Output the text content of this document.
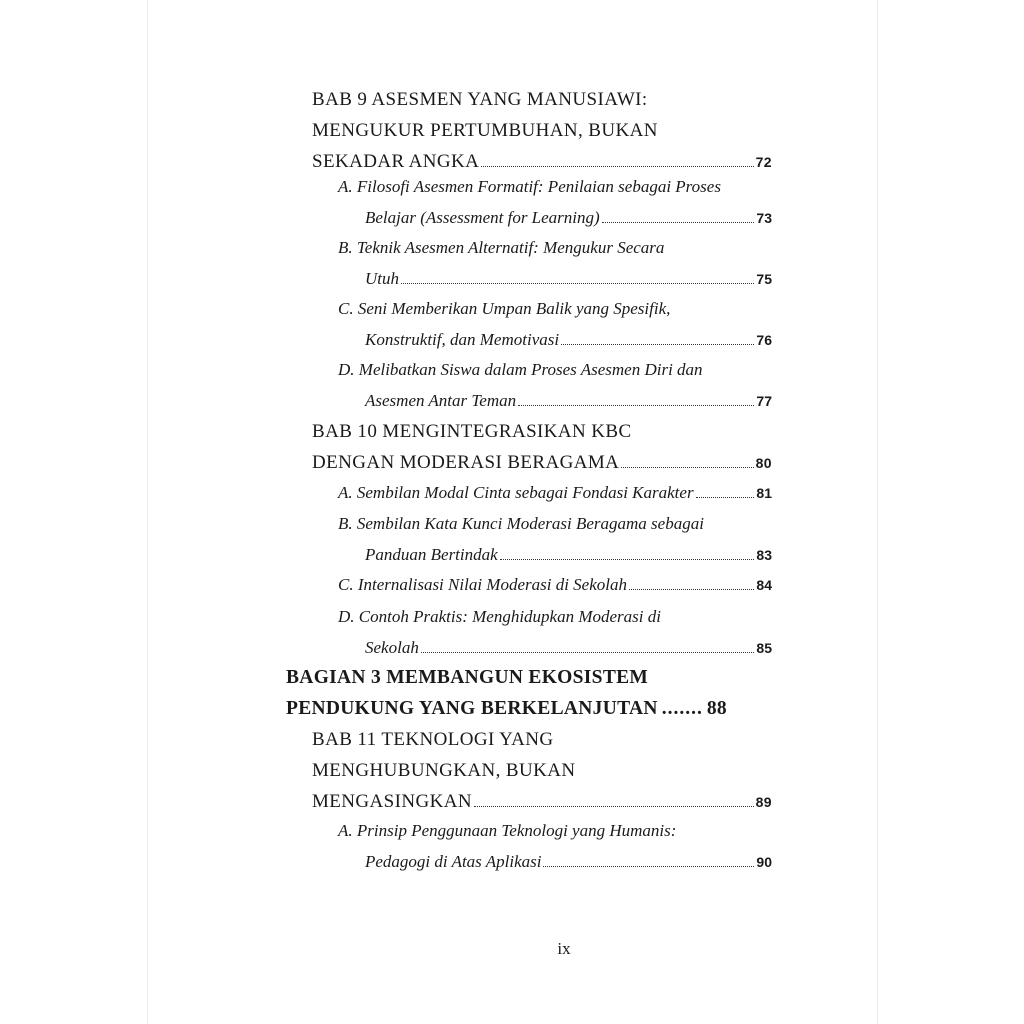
BAB 9 ASESMEN YANG MANUSIAWI:
MENGUKUR PERTUMBUHAN, BUKAN
SEKADAR ANGKA	72
A. Filosofi Asesmen Formatif: Penilaian sebagai Proses
Belajar (Assessment for Learning)	73
B. Teknik Asesmen Alternatif: Mengukur Secara
Utuh	75
C. Seni Memberikan Umpan Balik yang Spesifik,
Konstruktif, dan Memotivasi	76
D. Melibatkan Siswa dalam Proses Asesmen Diri dan
Asesmen Antar Teman	77
BAB 10 MENGINTEGRASIKAN KBC
DENGAN MODERASI BERAGAMA	80
A. Sembilan Modal Cinta sebagai Fondasi Karakter	81
B. Sembilan Kata Kunci Moderasi Beragama sebagai
Panduan Bertindak	83
C. Internalisasi Nilai Moderasi di Sekolah	84
D. Contoh Praktis: Menghidupkan Moderasi di
Sekolah	85
BAGIAN 3 MEMBANGUN EKOSISTEM
PENDUKUNG YANG BERKELANJUTAN ....... 88
BAB 11 TEKNOLOGI YANG
MENGHUBUNGKAN, BUKAN
MENGASINGKAN	89
A. Prinsip Penggunaan Teknologi yang Humanis:
Pedagogi di Atas Aplikasi	90
ix
